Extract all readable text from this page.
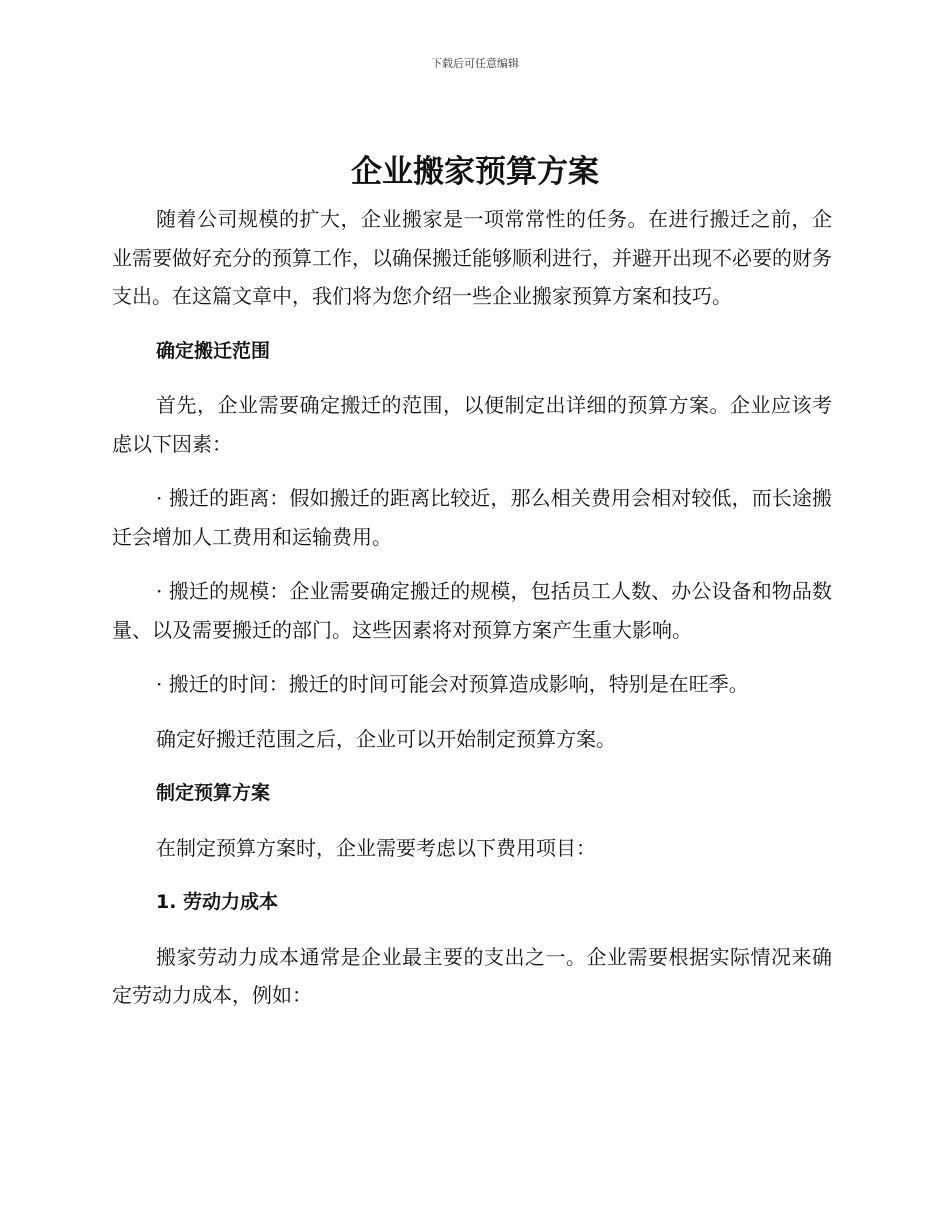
下载后可任意编辑
企业搬家预算方案

随着公司规模的扩大，企业搬家是一项常常性的任务。在进行搬迁之前，企业需要做好充分的预算工作，以确保搬迁能够顺利进行，并避开出现不必要的财务支出。在这篇文章中，我们将为您介绍一些企业搬家预算方案和技巧。

确定搬迁范围

首先，企业需要确定搬迁的范围，以便制定出详细的预算方案。企业应该考虑以下因素：

· 搬迁的距离：假如搬迁的距离比较近，那么相关费用会相对较低，而长途搬迁会增加人工费用和运输费用。

· 搬迁的规模：企业需要确定搬迁的规模，包括员工人数、办公设备和物品数量、以及需要搬迁的部门。这些因素将对预算方案产生重大影响。

· 搬迁的时间：搬迁的时间可能会对预算造成影响，特别是在旺季。

确定好搬迁范围之后，企业可以开始制定预算方案。

制定预算方案

在制定预算方案时，企业需要考虑以下费用项目：

1. 劳动力成本

搬家劳动力成本通常是企业最主要的支出之一。企业需要根据实际情况来确定劳动力成本，例如：
